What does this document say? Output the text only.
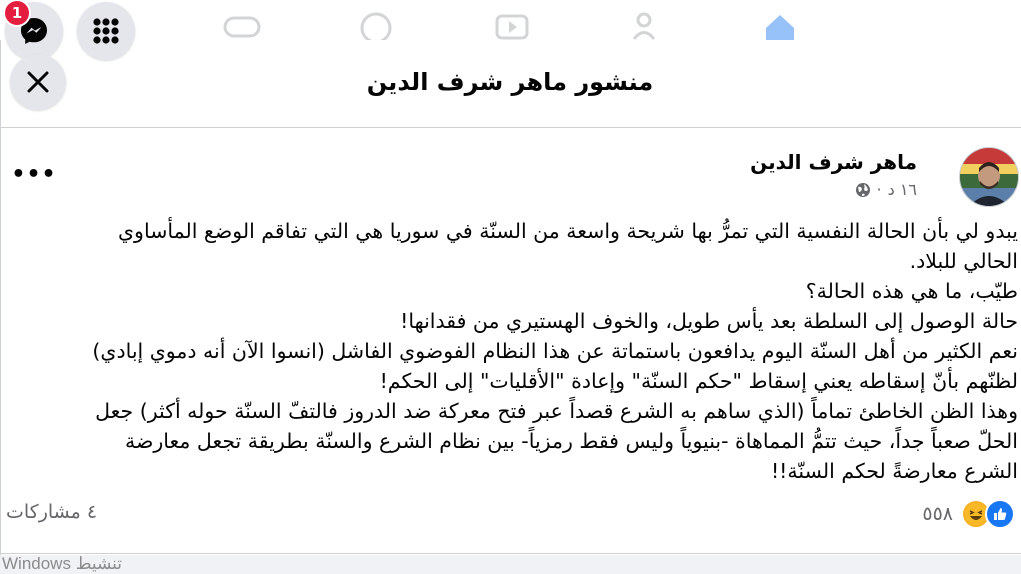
1
منشور ماهر شرف الدين
ماهر شرف الدين
١٦ د
·
•••
يبدو لي بأن الحالة النفسية التي تمرُّ بها شريحة واسعة من السنّة في سوريا هي التي تفاقم الوضع المأساوي
الحالي للبلاد.
طيّب، ما هي هذه الحالة؟
حالة الوصول إلى السلطة بعد يأس طويل، والخوف الهستيري من فقدانها!
نعم الكثير من أهل السنّة اليوم يدافعون باستماتة عن هذا النظام الفوضوي الفاشل (انسوا الآن أنه دموي إبادي)
لظنّهم بأنّ إسقاطه يعني إسقاط "حكم السنّة" وإعادة "الأقليات" إلى الحكم!
وهذا الظن الخاطئ تماماً (الذي ساهم به الشرع قصداً عبر فتح معركة ضد الدروز فالتفّ السنّة حوله أكثر) جعل
الحلّ صعباً جداً، حيث تتمُّ المماهاة -بنيوياً وليس فقط رمزياً- بين نظام الشرع والسنّة بطريقة تجعل معارضة
الشرع معارضةً لحكم السنّة!!
٤ مشاركات	٥٥٨
Windows تنشيط
